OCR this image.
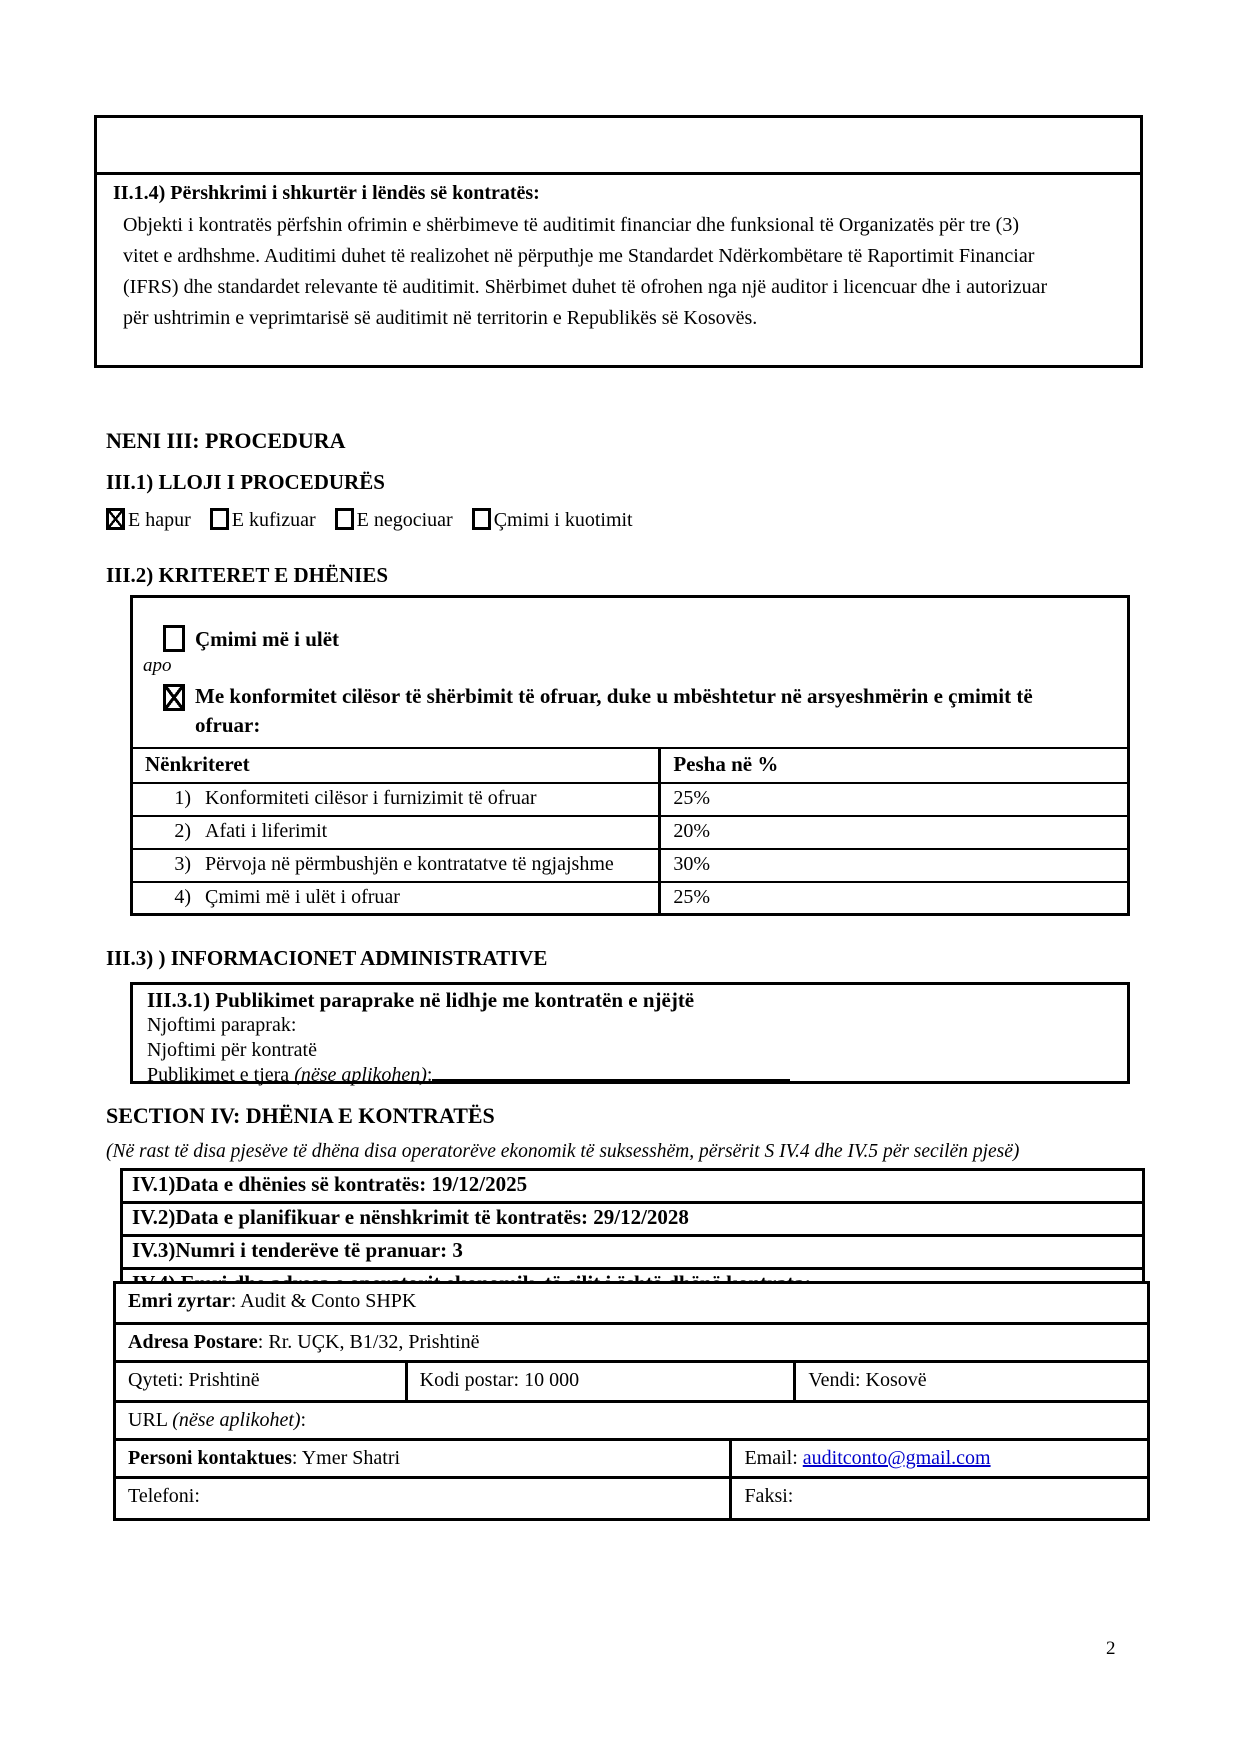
II.1.4) Përshkrimi i shkurtër i lëndës së kontratës:
Objekti i kontratës përfshin ofrimin e shërbimeve të auditimit financiar dhe funksional të Organizatës për tre (3) vitet e ardhshme. Auditimi duhet të realizohet në përputhje me Standardet Ndërkombëtare të Raportimit Financiar (IFRS) dhe standardet relevante të auditimit. Shërbimet duhet të ofrohen nga një auditor i licencuar dhe i autorizuar për ushtrimin e veprimtarisë së auditimit në territorin e Republikës së Kosovës.
NENI III: PROCEDURA
III.1) LLOJI I PROCEDURËS
E hapur E kufizuar E negociuar Çmimi i kuotimit
III.2) KRITERET E DHËNIES
Çmimi më i ulët
apo
Me konformitet cilësor të shërbimit të ofruar, duke u mbështetur në arsyeshmërin e çmimit të ofruar:
Nënkriteret	Pesha në %
1) Konformiteti cilësor i furnizimit të ofruar	25%
2) Afati i liferimit	20%
3) Përvoja në përmbushjën e kontratatve të ngjajshme	30%
4) Çmimi më i ulët i ofruar	25%
III.3) ) INFORMACIONET ADMINISTRATIVE
III.3.1) Publikimet paraprake në lidhje me kontratën e njëjtë
Njoftimi paraprak:
Njoftimi për kontratë
Publikimet e tjera (nëse aplikohen):
SECTION IV: DHËNIA E KONTRATËS
(Në rast të disa pjesëve të dhëna disa operatorëve ekonomik të suksesshëm, përsërit S IV.4 dhe IV.5 për secilën pjesë)
IV.1)Data e dhënies së kontratës: 19/12/2025
IV.2)Data e planifikuar e nënshkrimit të kontratës: 29/12/2028
IV.3)Numri i tenderëve të pranuar: 3
Emri zyrtar: Audit & Conto SHPK
Adresa Postare: Rr. UÇK, B1/32, Prishtinë
Qyteti: Prishtinë	Kodi postar: 10 000	Vendi: Kosovë
URL (nëse aplikohet):
Personi kontaktues: Ymer Shatri	Email: auditconto@gmail.com
Telefoni:	Faksi:
2
